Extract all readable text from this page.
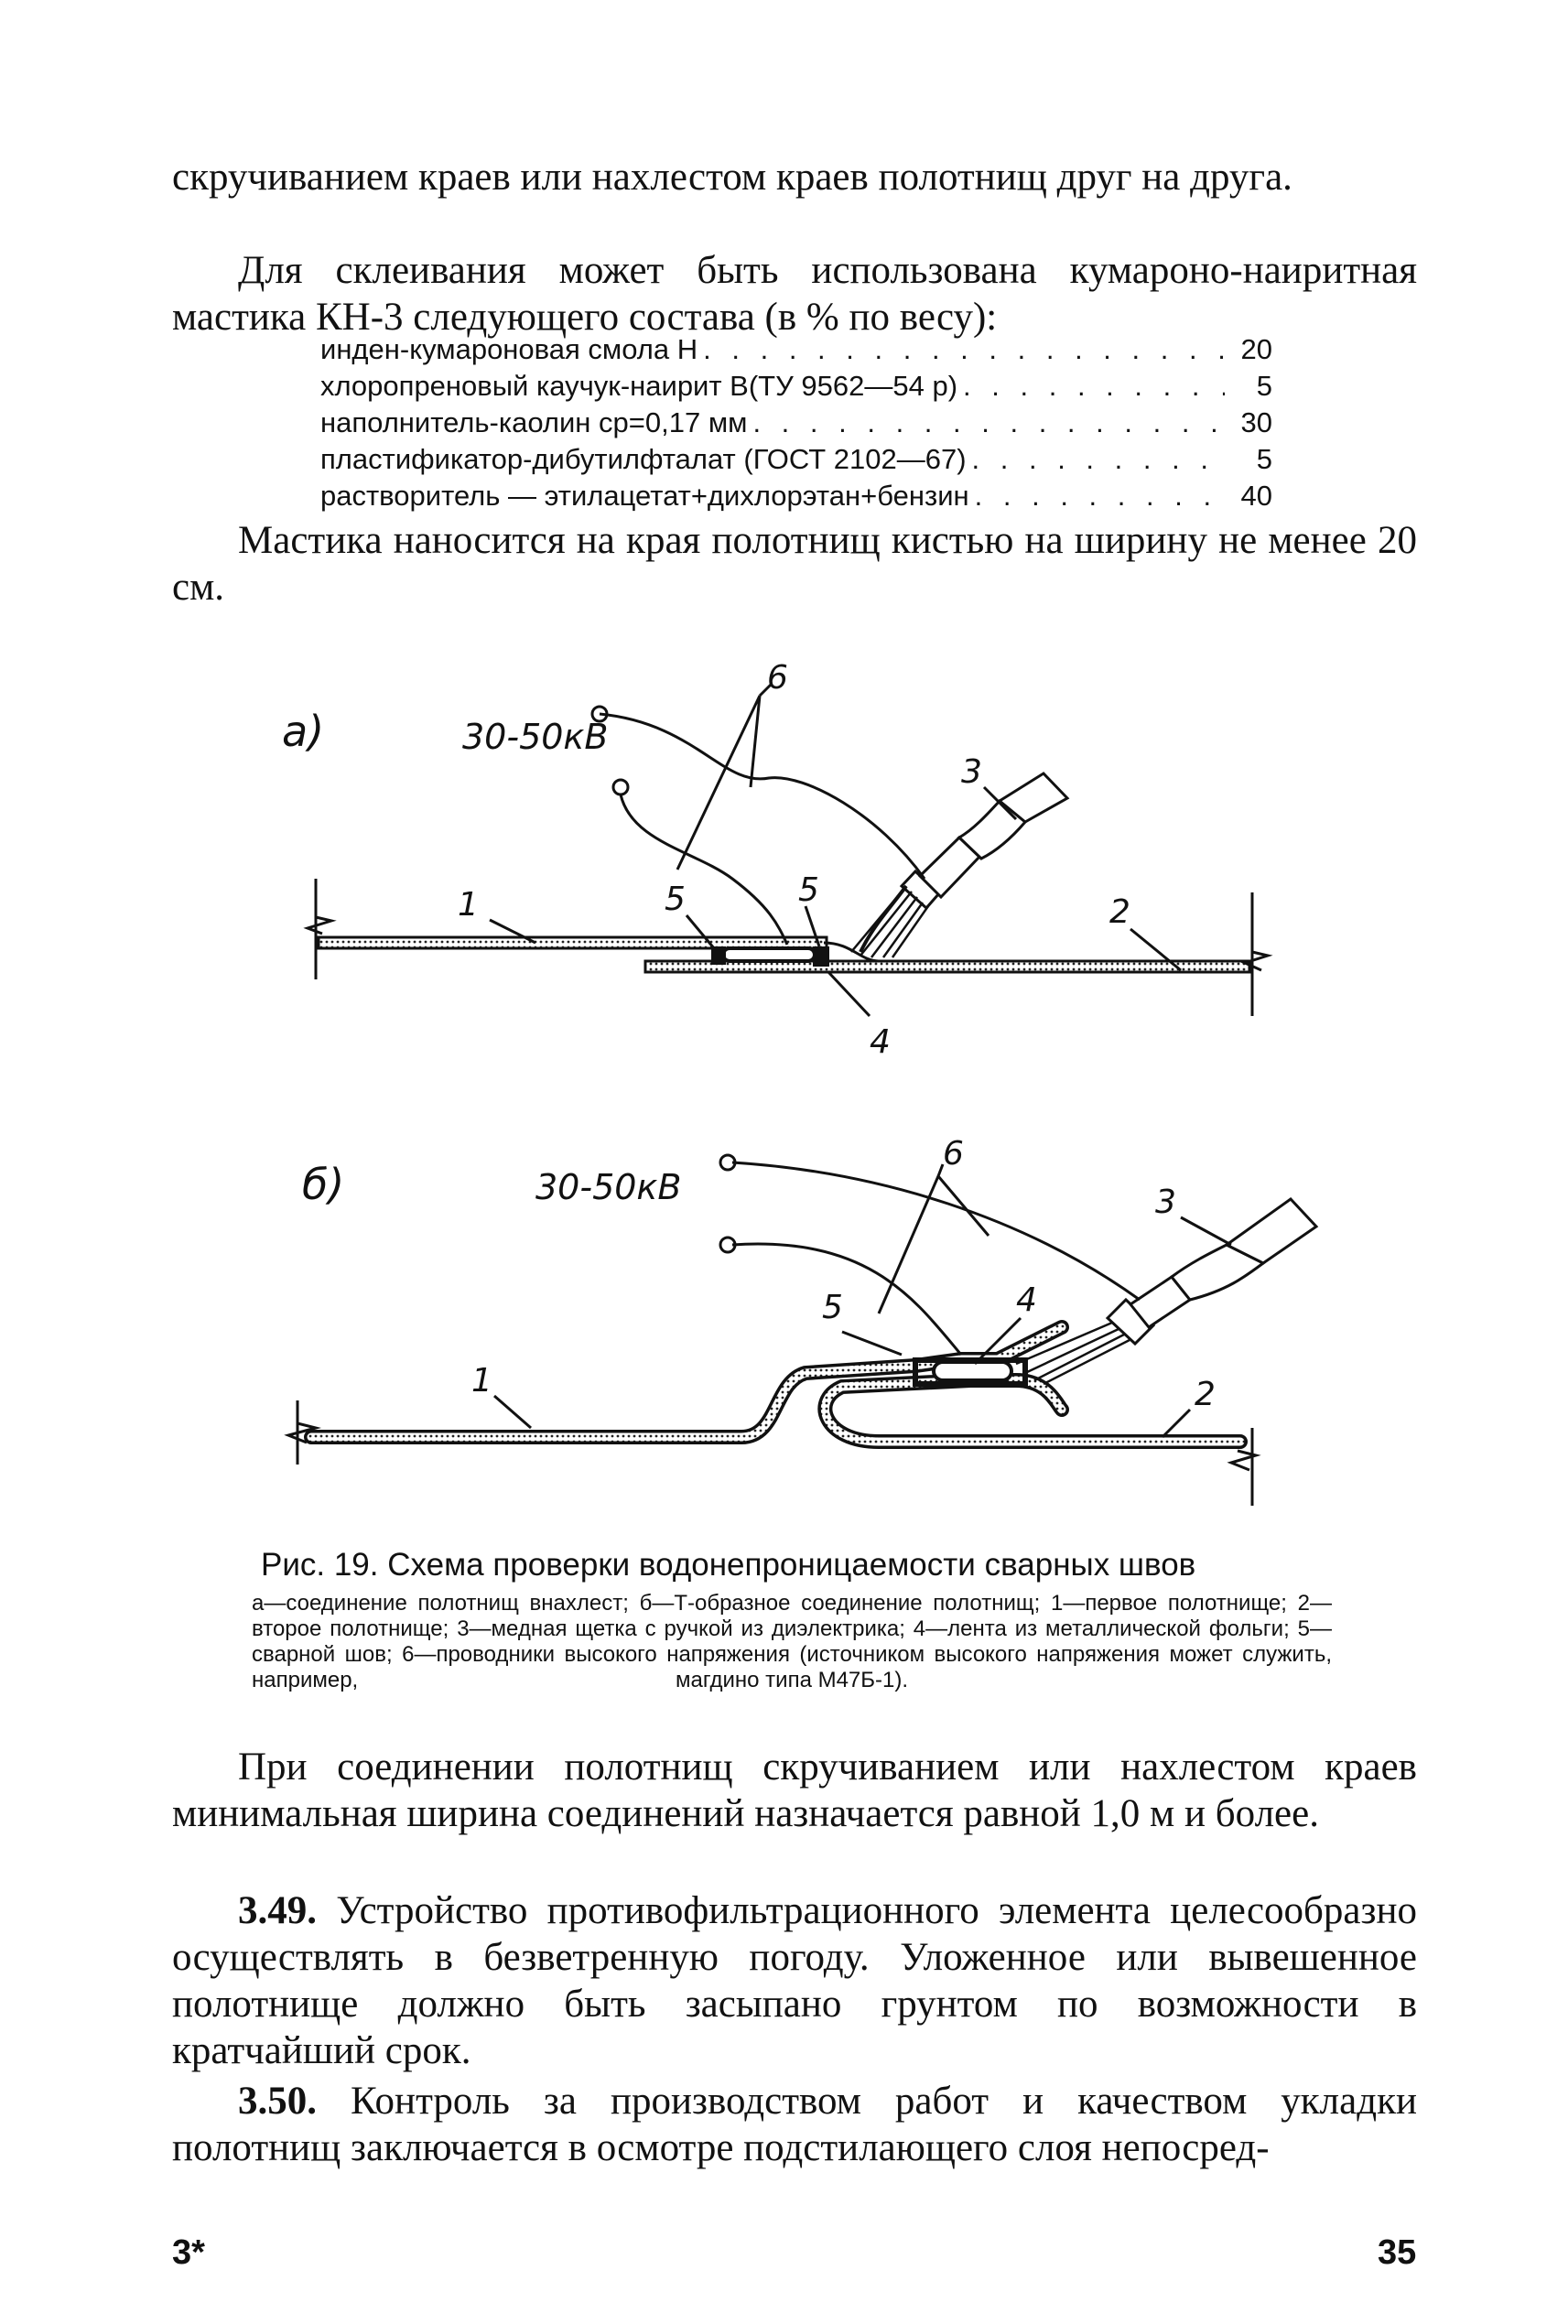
скручиванием краев или нахлестом краев полотнищ друг на друга.

Для склеивания может быть использована кумароно-наиритная мастика КН-3 следующего состава (в % по весу):

инден-кумароновая смола Н . . .	20
хлоропреновый каучук-наирит В(ТУ 9562—54 р) . . .	5
наполнитель-каолин ср=0,17 мм . . .	30
пластификатор-дибутилфталат (ГОСТ 2102—67) . . .	5
растворитель — этилацетат+дихлорэтан+бензин . . .	40

Мастика наносится на края полотнищ кистью на ширину не менее 20 см.

а)	30-50кВ
6
3
1	5	5
2
4
б)	30-50кВ
6
3
5	4
1	2
Рис. 19. Схема проверки водонепроницаемости сварных швов
а—соединение полотнищ внахлест; б—Т-образное соединение полотнищ; 1—первое полотнище; 2—второе полотнище; 3—медная щетка с ручкой из диэлектрика; 4—лента из металлической фольги; 5—сварной шов; 6—проводники высокого напряжения (источником высокого напряжения может служить, например,	магдино типа М47Б-1).

При соединении полотнищ скручиванием или нахлестом краев минимальная ширина соединений назначается равной 1,0 м и более.

3.49. Устройство противофильтрационного элемента целесообразно осуществлять в безветренную погоду. Уложенное или вывешенное полотнище должно быть засыпано грунтом по возможности в кратчайший срок.

3.50. Контроль за производством работ и качеством укладки полотнищ заключается в осмотре подстилающего слоя непосред-

3*	35
